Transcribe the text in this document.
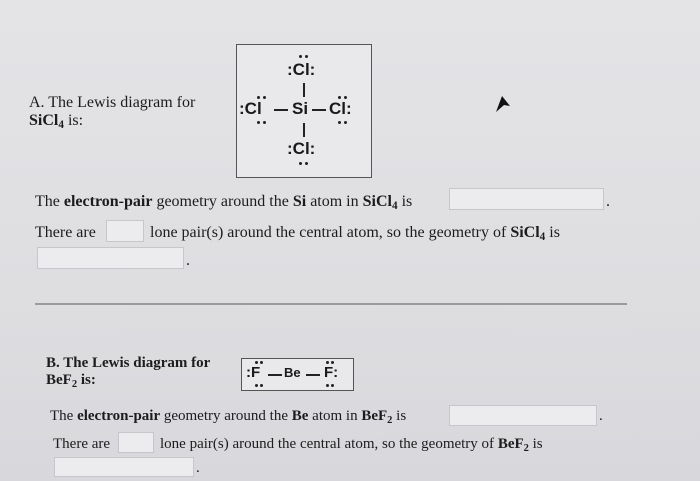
A. The Lewis diagram for
SiCl$_4$ is:
:Cl:
:Cl Si Cl:
:Cl:
The electron-pair geometry around the Si atom in SiCl$_4$ is	.
There are	lone pair(s) around the central atom, so the geometry of SiCl$_4$ is
.
B. The Lewis diagram for
BeF$_2$ is:	:F Be F:
The electron-pair geometry around the Be atom in BeF$_2$ is	.
There are	lone pair(s) around the central atom, so the geometry of BeF$_2$ is
.
